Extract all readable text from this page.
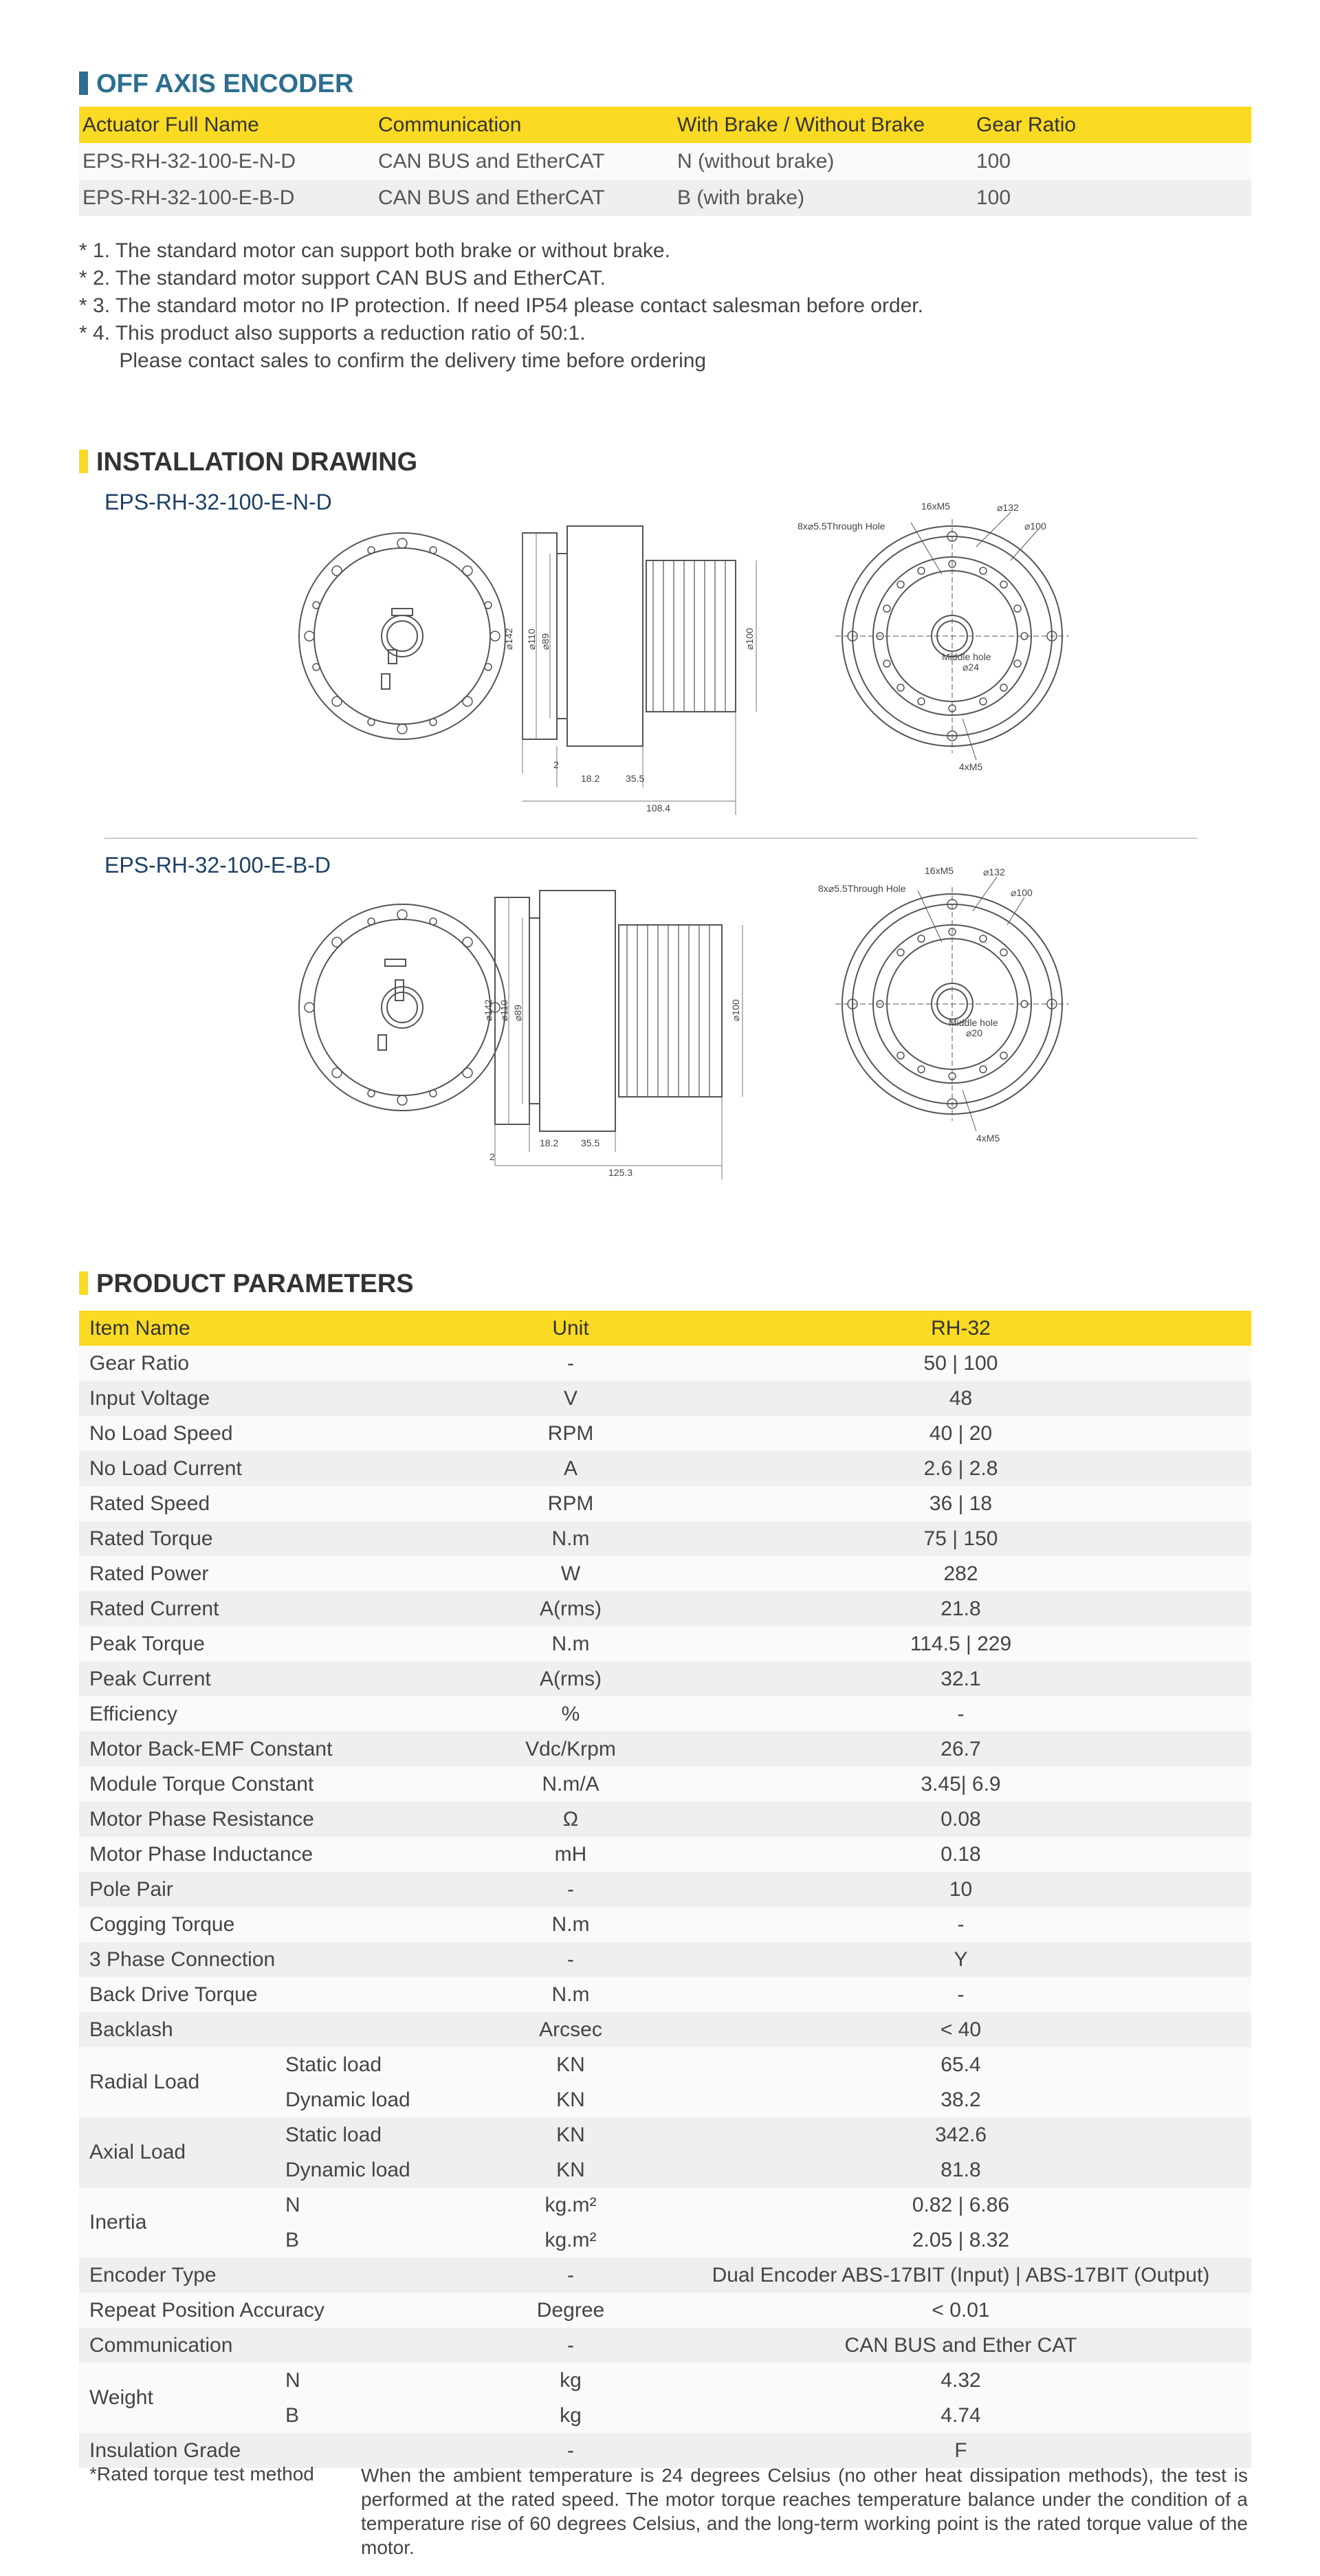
OFF AXIS ENCODER
Actuator Full Name	Communication	With Brake / Without Brake	Gear Ratio
EPS-RH-32-100-E-N-D	CAN BUS and EtherCAT	N (without brake)	100
EPS-RH-32-100-E-B-D	CAN BUS and EtherCAT	B (with brake)	100
* 1. The standard motor can support both brake or without brake.
* 2. The standard motor support CAN BUS and EtherCAT.
* 3. The standard motor no IP protection. If need IP54 please contact salesman before order.
* 4. This product also supports a reduction ratio of 50:1.
Please contact sales to confirm the delivery time before ordering
INSTALLATION DRAWING
EPS-RH-32-100-E-N-D
⌀142 ⌀110 ⌀89	⌀100
2
18.2	35.5
108.4
16xM5
8x⌀5.5Through Hole
⌀132
⌀100
Middle hole
⌀24
4xM5
EPS-RH-32-100-E-B-D
⌀142 ⌀110 ⌀89	⌀100
2
18.2 35.5
125.3
16xM5
8x⌀5.5Through Hole
⌀132
⌀100
Middle hole
⌀20
4xM5
PRODUCT PARAMETERS
Item Name		Unit	RH-32
Gear Ratio		-	50 | 100
Input Voltage		V	48
No Load Speed		RPM	40 | 20
No Load Current		A	2.6 | 2.8
Rated Speed		RPM	36 | 18
Rated Torque		N.m	75 | 150
Rated Power		W	282
Rated Current		A(rms)	21.8
Peak Torque		N.m	114.5 | 229
Peak Current		A(rms)	32.1
Efficiency		%	-
Motor Back-EMF Constant		Vdc/Krpm	26.7
Module Torque Constant		N.m/A	3.45| 6.9
Motor Phase Resistance		Ω	0.08
Motor Phase Inductance		mH	0.18
Pole Pair		-	10
Cogging Torque		N.m	-
3 Phase Connection		-	Y
Back Drive Torque		N.m	-
Backlash		Arcsec	< 40
Radial Load	Static load	KN	65.4
	Dynamic load	KN	38.2
Axial Load	Static load	KN	342.6
	Dynamic load	KN	81.8
Inertia	N	kg.m²	0.82 | 6.86
	B	kg.m²	2.05 | 8.32
Encoder Type		-	Dual Encoder ABS-17BIT (Input) | ABS-17BIT (Output)
Repeat Position Accuracy		Degree	< 0.01
Communication		-	CAN BUS and Ether CAT
Weight	N	kg	4.32
	B	kg	4.74
Insulation Grade		-	F
*Rated torque test method When the ambient temperature is 24 degrees Celsius (no other heat dissipation methods), the test is performed at the rated speed. The motor torque reaches temperature balance under the condition of a temperature rise of 60 degrees Celsius, and the long-term working point is the rated torque value of the motor.
